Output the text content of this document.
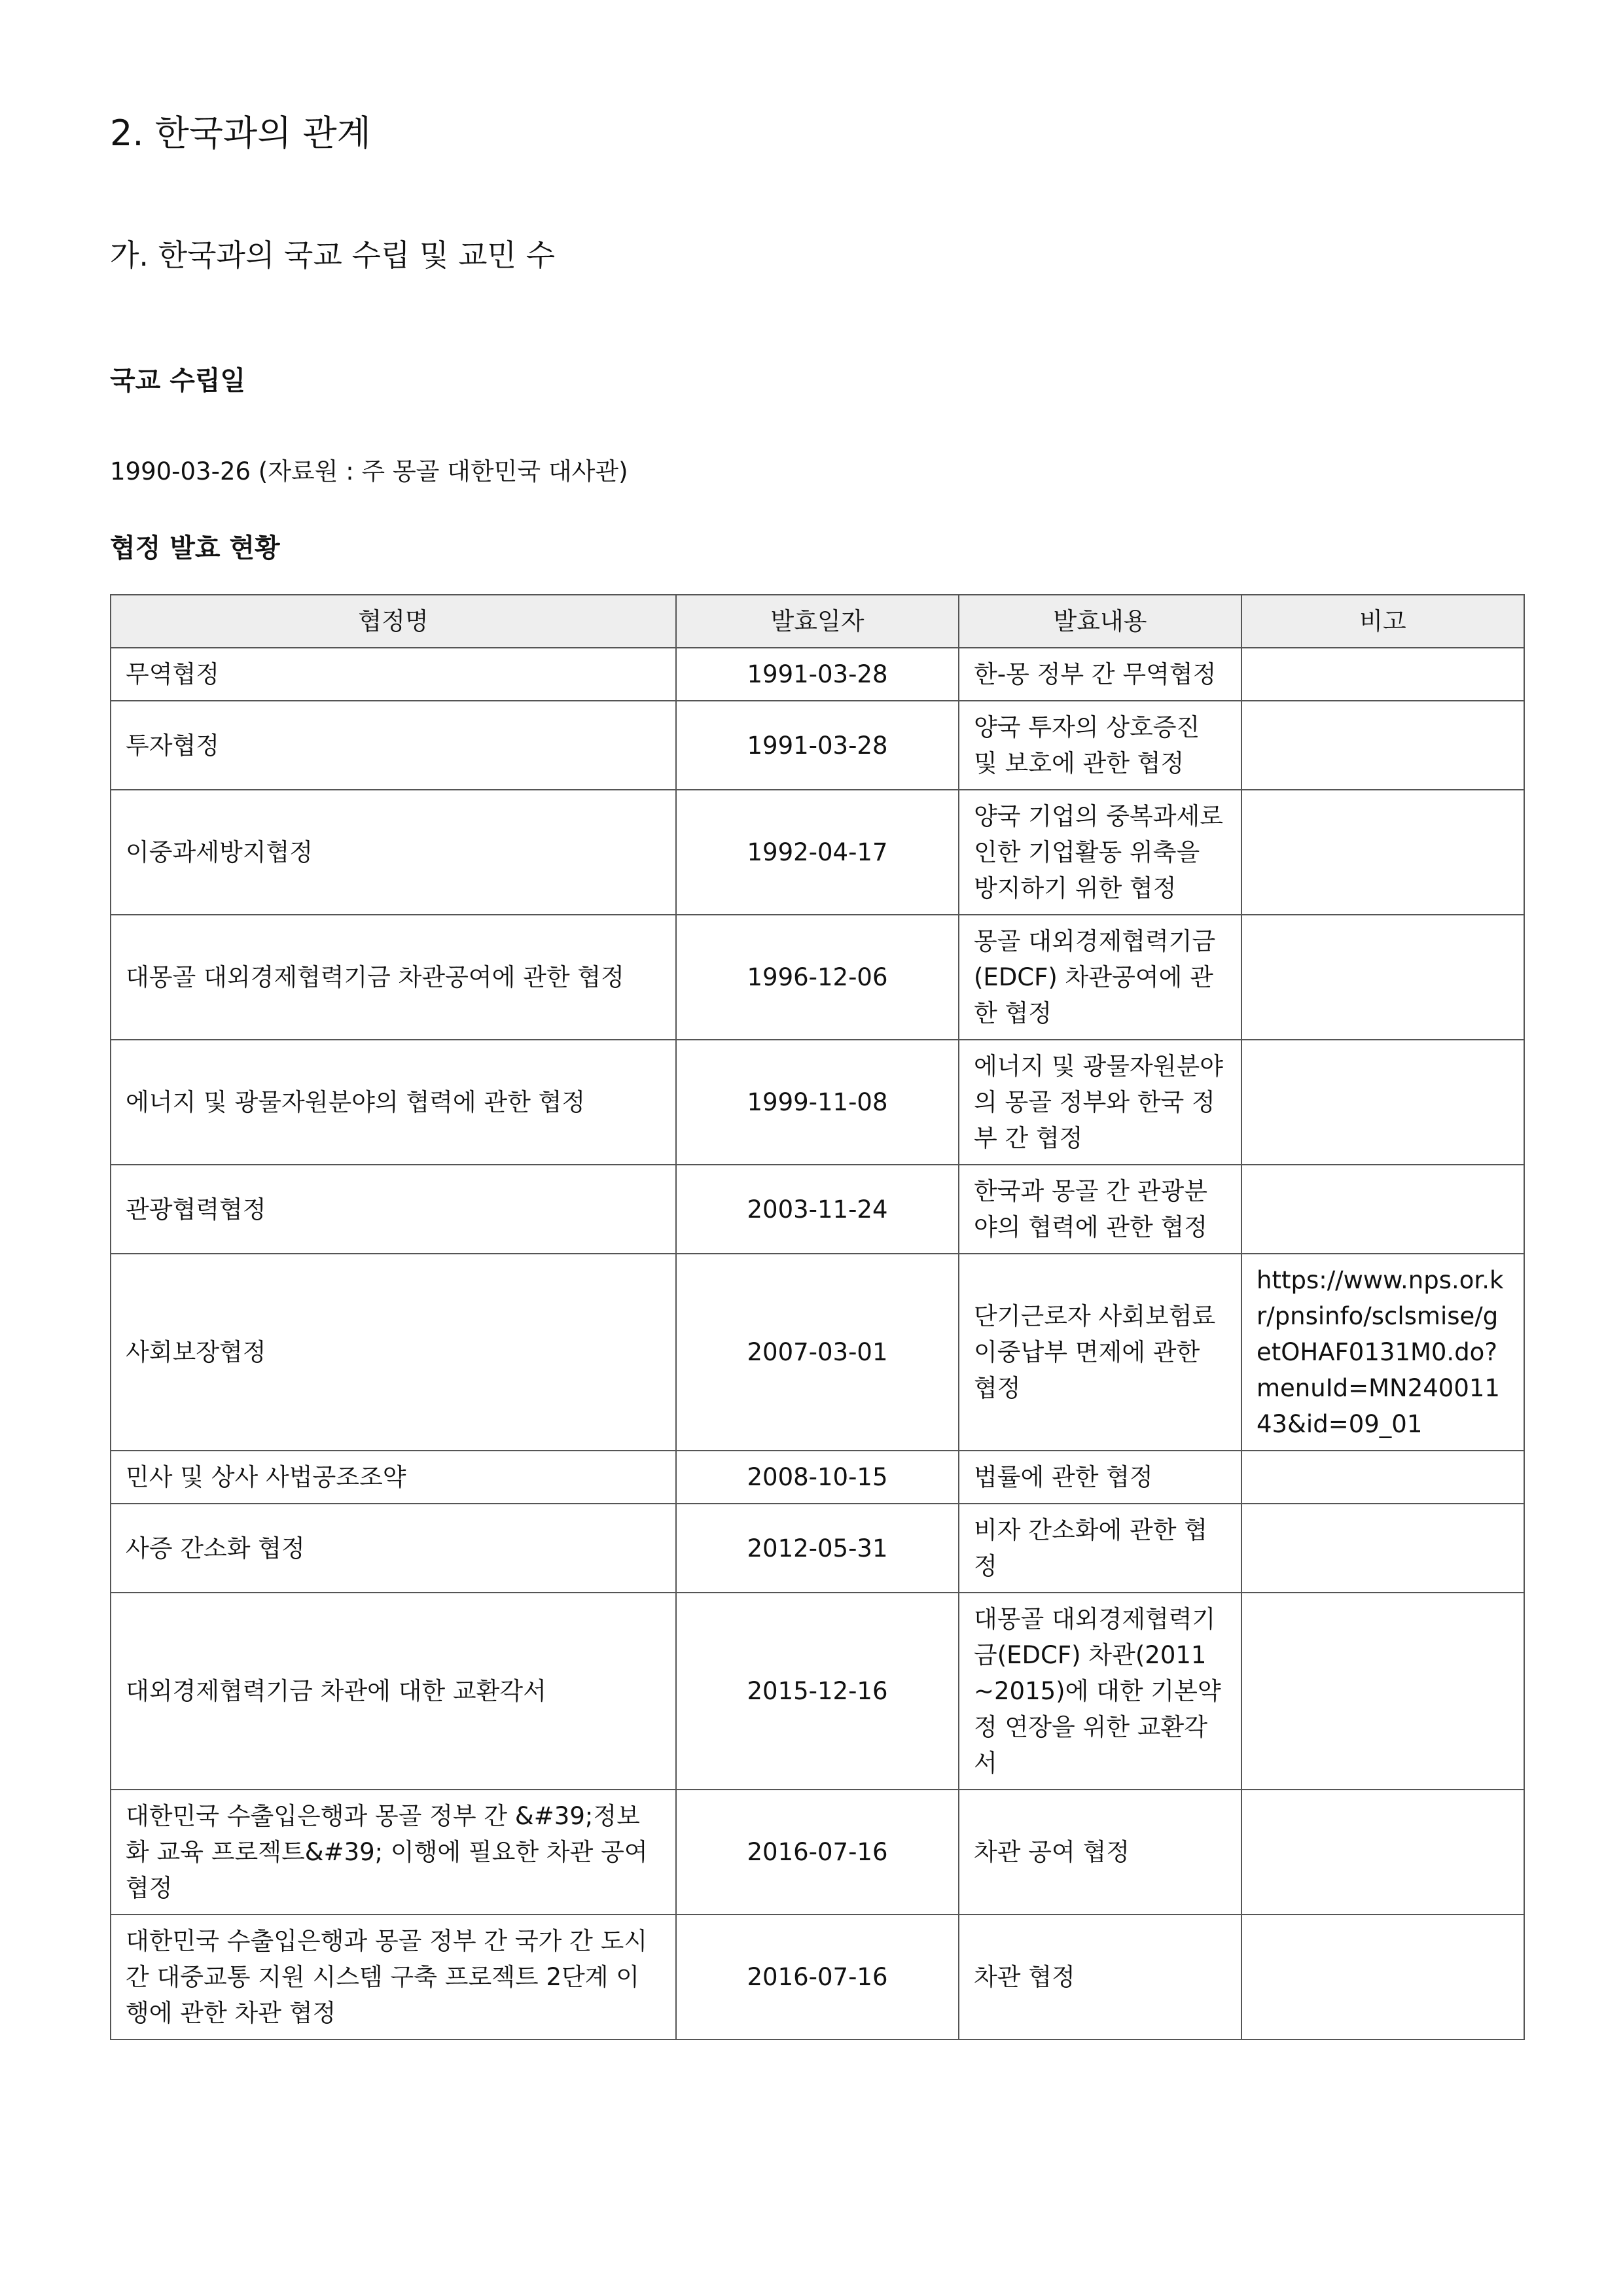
2. 한국과의 관계
가. 한국과의 국교 수립 및 교민 수
국교 수립일
1990-03-26 (자료원 : 주 몽골 대한민국 대사관)
협정 발효 현황
협정명	발효일자	발효내용	비고
무역협정	1991-03-28	한-몽 정부 간 무역협정	
투자협정	1991-03-28	양국 투자의 상호증진 및 보호에 관한 협정	
이중과세방지협정	1992-04-17	양국 기업의 중복과세로 인한 기업활동 위축을 방지하기 위한 협정	
대몽골 대외경제협력기금 차관공여에 관한 협정	1996-12-06	몽골 대외경제협력기금 (EDCF) 차관공여에 관한 협정	
에너지 및 광물자원분야의 협력에 관한 협정	1999-11-08	에너지 및 광물자원분야의 몽골 정부와 한국 정부 간 협정	
관광협력협정	2003-11-24	한국과 몽골 간 관광분야의 협력에 관한 협정	
사회보장협정	2007-03-01	단기근로자 사회보험료 이중납부 면제에 관한 협정	https://www.nps.or.kr/pnsinfo/sclsmise/getOHAF0131M0.do?menuId=MN24001143&id=09_01
민사 및 상사 사법공조조약	2008-10-15	법률에 관한 협정	
사증 간소화 협정	2012-05-31	비자 간소화에 관한 협정	
대외경제협력기금 차관에 대한 교환각서	2015-12-16	대몽골 대외경제협력기금(EDCF) 차관(2011~2015)에 대한 기본약정 연장을 위한 교환각서	
대한민국 수출입은행과 몽골 정부 간 &#39;정보화 교육 프로젝트&#39; 이행에 필요한 차관 공여 협정	2016-07-16	차관 공여 협정	
대한민국 수출입은행과 몽골 정부 간 국가 간 도시 간 대중교통 지원 시스템 구축 프로젝트 2단계 이행에 관한 차관 협정	2016-07-16	차관 협정	
